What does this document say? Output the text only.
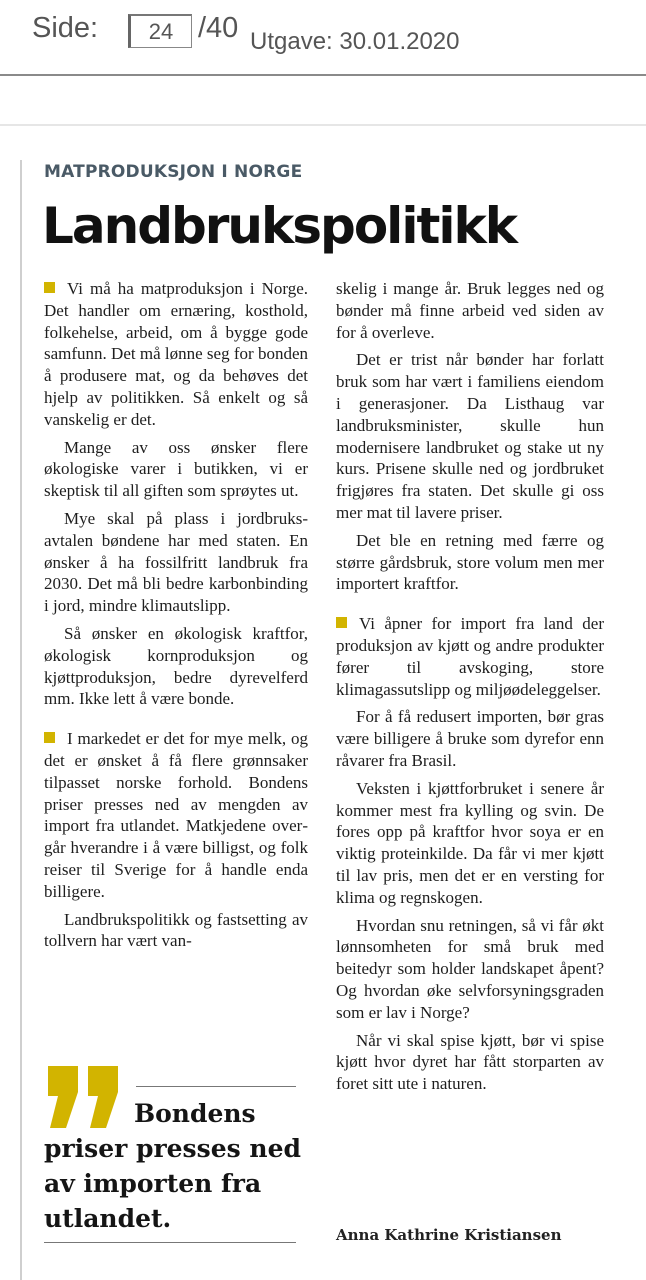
Side:
24	/40 Utgave: 30.01.2020

MATPRODUKSJON I NORGE

Landbrukspolitikk

Vi må ha matproduksjon i Norge. Det handler om ernæring, kosthold, folkehelse, arbeid, om å bygge gode samfunn. Det må lønne seg for bonden å produsere mat, og da behøves det hjelp av politikken. Så enkelt og så vanskelig er det.

Mange av oss ønsker flere økologiske varer i butikken, vi er skeptisk til all giften som sprøytes ut.

Mye skal på plass i jordbruksavtalen bøndene har med staten. En ønsker å ha fossilfritt landbruk fra 2030. Det må bli bedre karbonbinding i jord, mindre klimautslipp.

Så ønsker en økologisk kraftfor, økologisk kornproduksjon og kjøttproduksjon, bedre dyrevelferd mm. Ikke lett å være bonde.

I markedet er det for mye melk, og det er ønsket å få flere grønnsaker tilpasset norske forhold. Bondens priser presses ned av mengden av import fra utlandet. Matkjedene overgår hverandre i å være billigst, og folk reiser til Sverige for å handle enda billigere.

Landbrukspolitikk og fastsetting av tollvern har vært van-

skelig i mange år. Bruk legges ned og bønder må finne arbeid ved siden av for å overleve.

Det er trist når bønder har forlatt bruk som har vært i familiens eiendom i generasjoner. Da Listhaug var landbruksminister, skulle hun modernisere landbruket og stake ut ny kurs. Prisene skulle ned og jordbruket frigjøres fra staten. Det skulle gi oss mer mat til lavere priser.

Det ble en retning med færre og større gårdsbruk, store volum men mer importert kraftfor.

Vi åpner for import fra land der produksjon av kjøtt og andre produkter fører til avskoging, store klimagassutslipp og miljøødeleggelser.

For å få redusert importen, bør gras være billigere å bruke som dyrefor enn råvarer fra Brasil.

Veksten i kjøttforbruket i senere år kommer mest fra kylling og svin. De fores opp på kraftfor hvor soya er en viktig proteinkilde. Da får vi mer kjøtt til lav pris, men det er en versting for klima og regnskogen.

Hvordan snu retningen, så vi får økt lønnsomheten for små bruk med beitedyr som holder landskapet åpent? Og hvordan øke selvforsyningsgraden som er lav i Norge?

Når vi skal spise kjøtt, bør vi spise kjøtt hvor dyret har fått storparten av foret sitt ute i naturen.

Bondens
priser presses ned
av importen fra
utlandet.

Anna Kathrine Kristiansen
